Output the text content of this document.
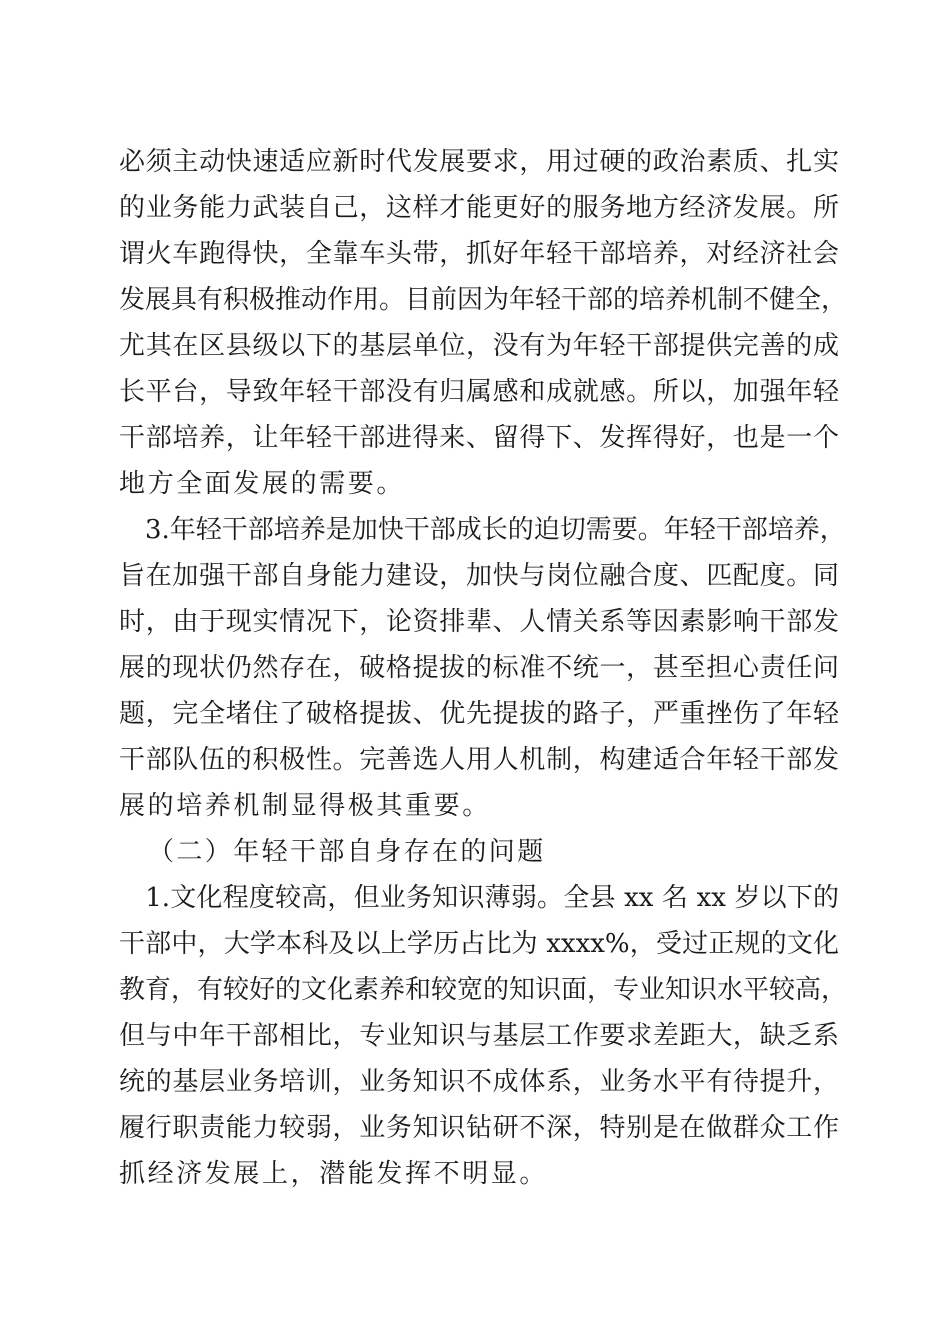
必须主动快速适应新时代发展要求，用过硬的政治素质、扎实
的业务能力武装自己，这样才能更好的服务地方经济发展。所
谓火车跑得快，全靠车头带，抓好年轻干部培养，对经济社会
发展具有积极推动作用。目前因为年轻干部的培养机制不健全，
尤其在区县级以下的基层单位，没有为年轻干部提供完善的成
长平台，导致年轻干部没有归属感和成就感。所以，加强年轻
干部培养，让年轻干部进得来、留得下、发挥得好，也是一个
地方全面发展的需要。
　3.年轻干部培养是加快干部成长的迫切需要。年轻干部培养，
旨在加强干部自身能力建设，加快与岗位融合度、匹配度。同
时，由于现实情况下，论资排辈、人情关系等因素影响干部发
展的现状仍然存在，破格提拔的标准不统一，甚至担心责任问
题，完全堵住了破格提拔、优先提拔的路子，严重挫伤了年轻
干部队伍的积极性。完善选人用人机制，构建适合年轻干部发
展的培养机制显得极其重要。
（二）年轻干部自身存在的问题
　1.文化程度较高，但业务知识薄弱。全县 xx 名 xx 岁以下的
干部中，大学本科及以上学历占比为 xxxx%，受过正规的文化
教育，有较好的文化素养和较宽的知识面，专业知识水平较高，
但与中年干部相比，专业知识与基层工作要求差距大，缺乏系
统的基层业务培训，业务知识不成体系，业务水平有待提升，
履行职责能力较弱，业务知识钻研不深，特别是在做群众工作
抓经济发展上，潜能发挥不明显。
